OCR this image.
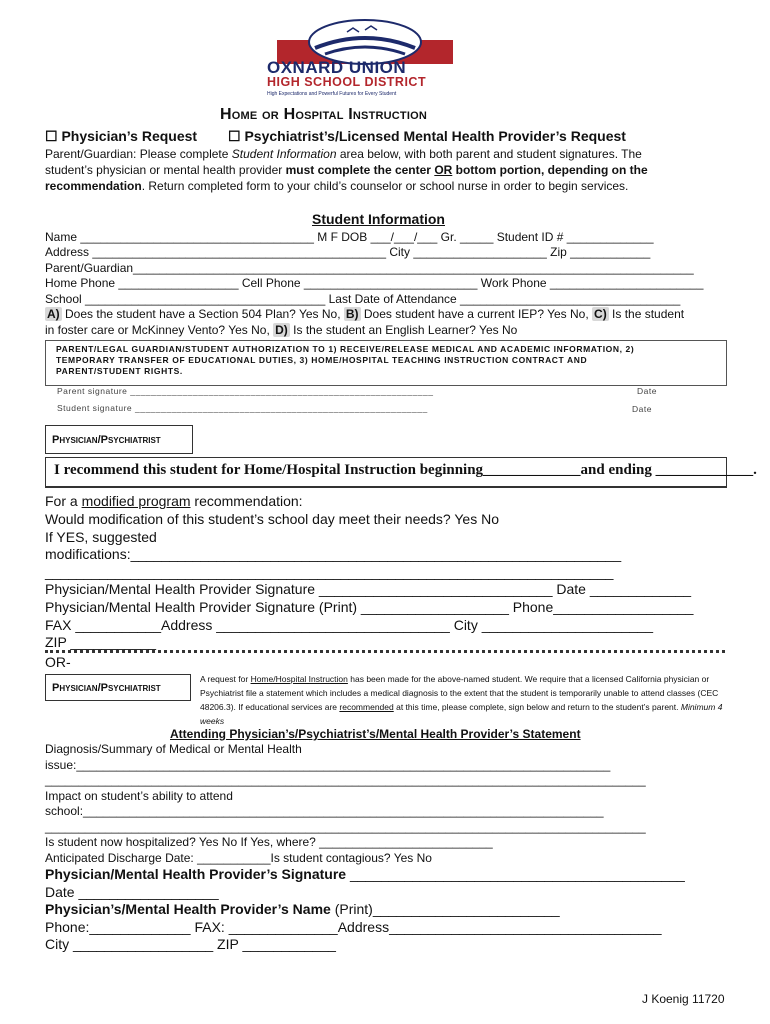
OXNARD UNION
HIGH SCHOOL DISTRICT
High Expectations and Powerful Futures for Every Student
Home or Hospital Instruction
☐ Physician’s Request ☐ Psychiatrist’s/Licensed Mental Health Provider’s Request
Parent/Guardian: Please complete Student Information area below, with both parent and student signatures. The
student’s physician or mental health provider must complete the center OR bottom portion, depending on the
recommendation. Return completed form to your child’s counselor or school nurse in order to begin services.
Student Information
Name ___________________________________ M F DOB ___/___/___ Gr. _____ Student ID # _____________
Address ____________________________________________ City ____________________ Zip ____________
Parent/Guardian____________________________________________________________________________________
Home Phone __________________ Cell Phone __________________________ Work Phone _______________________
School ____________________________________ Last Date of Attendance _________________________________
A) Does the student have a Section 504 Plan? Yes No, B) Does student have a current IEP? Yes No, C) Is the student
in foster care or McKinney Vento? Yes No, D) Is the student an English Learner? Yes No
PARENT/LEGAL GUARDIAN/STUDENT AUTHORIZATION TO 1) RECEIVE/RELEASE MEDICAL AND ACADEMIC INFORMATION, 2) TEMPORARY TRANSFER OF EDUCATIONAL DUTIES, 3) HOME/HOSPITAL TEACHING INSTRUCTION CONTRACT AND PARENT/STUDENT RIGHTS.
Parent signature __________________________________________________________	Date
Student signature ________________________________________________________	Date
Physician/Psychiatrist
I recommend this student for Home/Hospital Instruction beginning_____________and ending _____________.
For a modified program recommendation:
Would modification of this student’s school day meet their needs? Yes No
If YES, suggested
modifications:_______________________________________________________________
_________________________________________________________________________
Physician/Mental Health Provider Signature ______________________________ Date _____________
Physician/Mental Health Provider Signature (Print) ___________________ Phone__________________
FAX ___________Address ______________________________ City ______________________
ZIP ___________
OR-
Physician/Psychiatrist
A request for Home/Hospital Instruction has been made for the above-named student. We require that a licensed California physician or Psychiatrist file a statement which includes a medical diagnosis to the extent that the student is temporarily unable to attend classes (CEC 48206.3). If educational services are recommended at this time, please complete, sign below and return to the student’s parent. Minimum 4 weeks
Attending Physician’s/Psychiatrist’s/Mental Health Provider’s Statement
Diagnosis/Summary of Medical or Mental Health
issue:________________________________________________________________________________
__________________________________________________________________________________________
Impact on student’s ability to attend
school:______________________________________________________________________________
__________________________________________________________________________________________
Is student now hospitalized? Yes No If Yes, where? __________________________
Anticipated Discharge Date: ___________Is student contagious? Yes No
Physician/Mental Health Provider’s Signature ___________________________________________
Date __________________
Physician’s/Mental Health Provider’s Name (Print)________________________
Phone:_____________ FAX: ______________Address___________________________________
City __________________ ZIP ____________
J Koenig 11720
